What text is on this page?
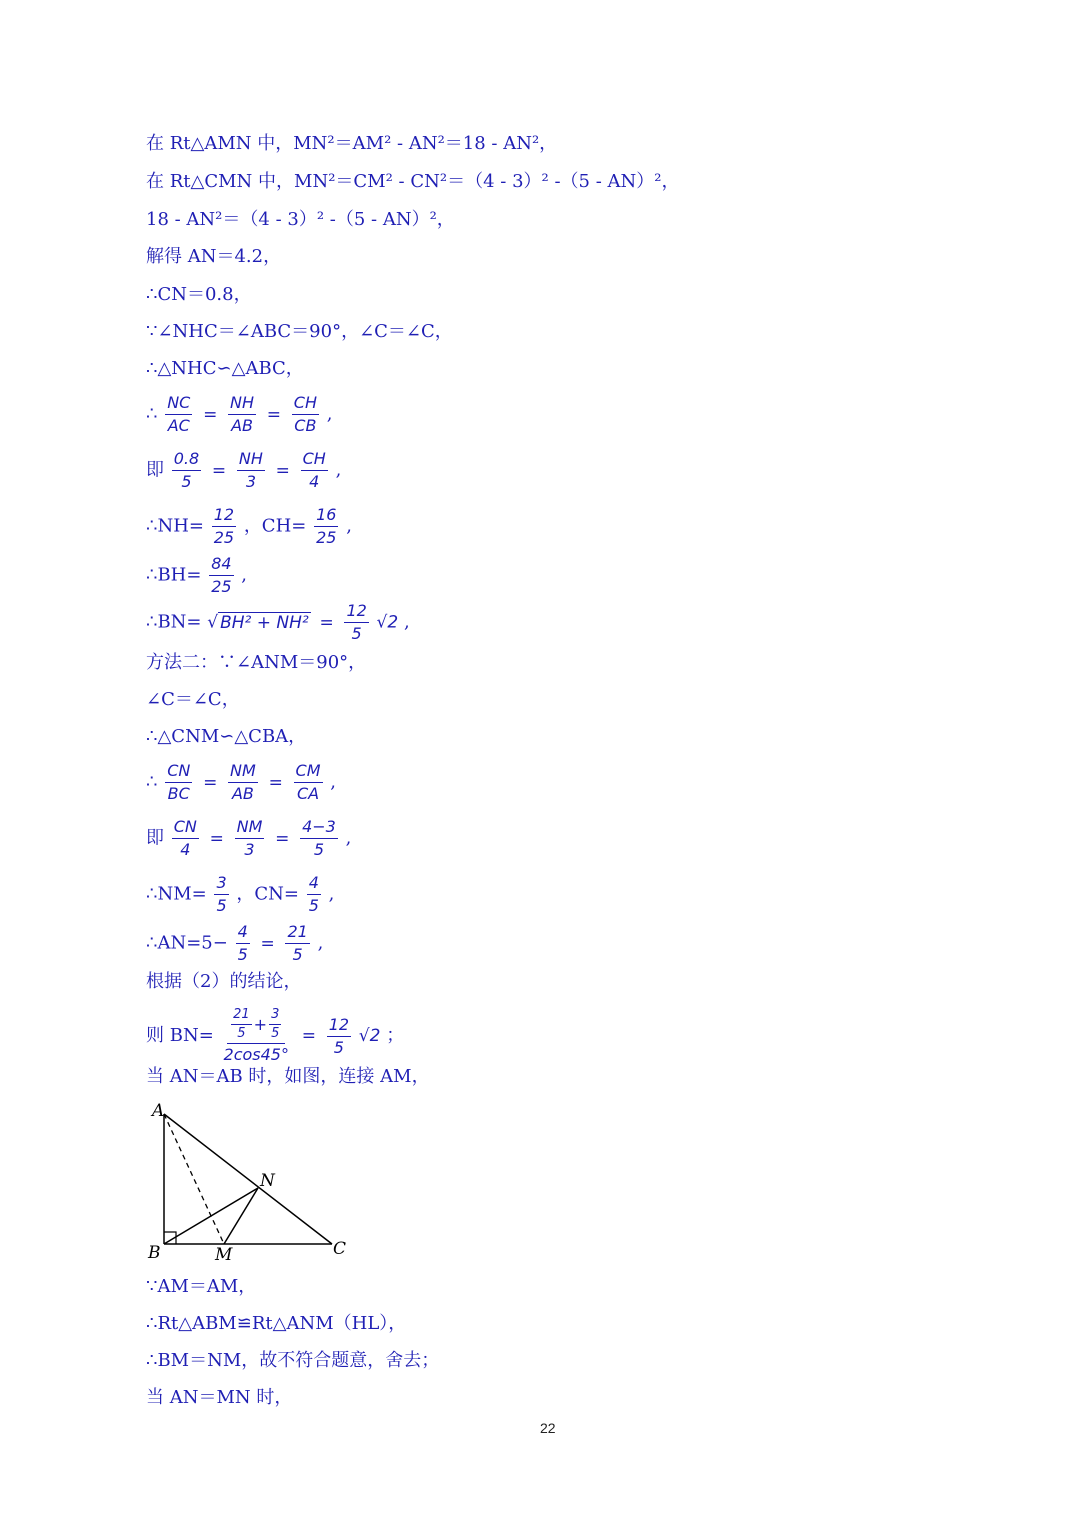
在 Rt△AMN 中，MN²＝AM² - AN²＝18 - AN²，
在 Rt△CMN 中，MN²＝CM² - CN²＝（4 - 3）² -（5 - AN）²，
18 - AN²＝（4 - 3）² -（5 - AN）²，
解得 AN＝4.2，
∴CN＝0.8，
∵∠NHC＝∠ABC＝90°，∠C＝∠C，
∴△NHC∽△ABC，
∴ $\frac{NC}{AC} = \frac{NH}{AB} = \frac{CH}{CB}$ ,
即 $\frac{0.8}{5} = \frac{NH}{3} = \frac{CH}{4}$ ,
∴NH= $\frac{12}{25}$ ，$CH= \frac{16}{25}$ ,
∴BH= $\frac{84}{25}$ ,
∴BN= √ $BH^2 + NH^2 = \frac{12}{5} √2$ ,
方法二：∵∠ANM＝90°，
∠C＝∠C，
∴△CNM∽△CBA，
∴ $\frac{CN}{BC} = \frac{NM}{AB} = \frac{CM}{CA}$ ,
即 $\frac{CN}{4} = \frac{NM}{3} = \frac{4-3}{5}$ ,
∴NM= $\frac{3}{5}$ ，$CN= \frac{4}{5}$ ,
∴AN=5− $\frac{4}{5} = \frac{21}{5}$ ,
根据（2）的结论，
则 $BN= \frac{\frac{21}{5} + \frac{3}{5}}{2\cos 45^\circ} = \frac{12}{5} √2$ ；
当 AN＝AB 时，如图，连接 AM，
A
B	C
M
N
∵AM＝AM，
∴Rt△ABM≌Rt△ANM（HL），
∴BM＝NM，故不符合题意，舍去；
当 AN＝MN 时，
22
